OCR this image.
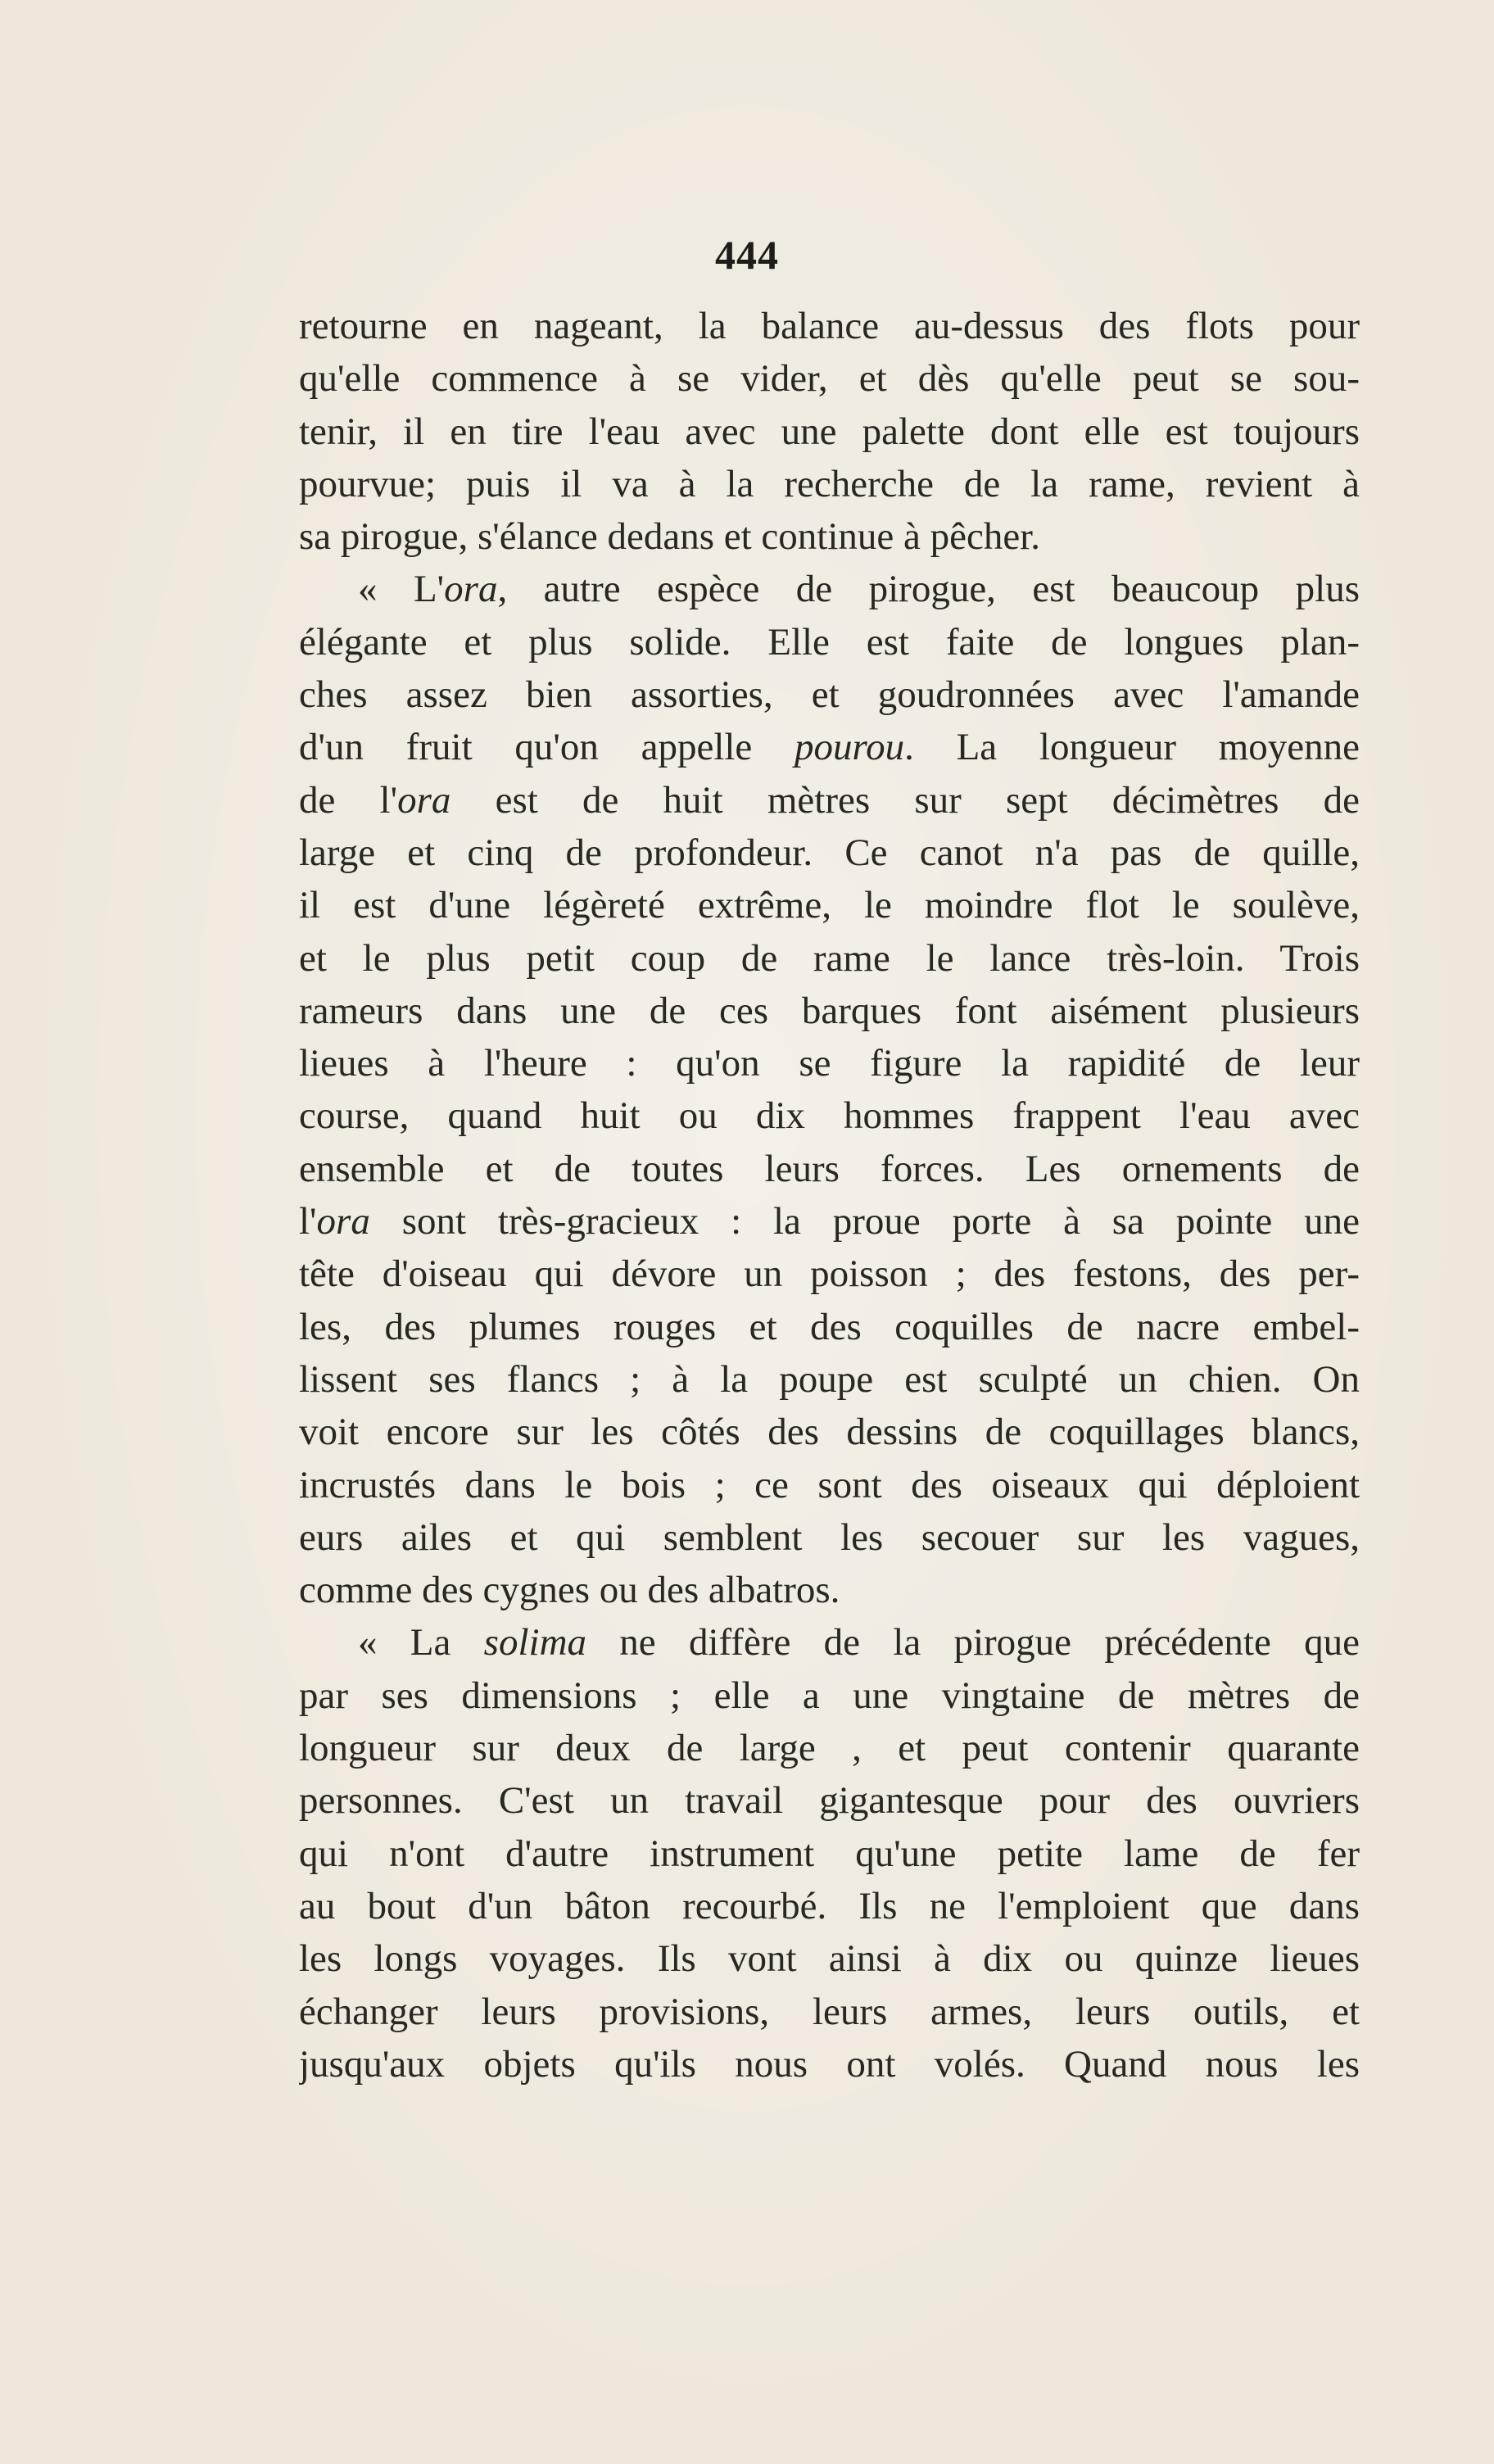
444
retourne en nageant, la balance au-dessus des flots pour
qu'elle commence à se vider, et dès qu'elle peut se sou-
tenir, il en tire l'eau avec une palette dont elle est toujours
pourvue; puis il va à la recherche de la rame, revient à
sa pirogue, s'élance dedans et continue à pêcher.
« L'ora, autre espèce de pirogue, est beaucoup plus
élégante et plus solide. Elle est faite de longues plan-
ches assez bien assorties, et goudronnées avec l'amande
d'un fruit qu'on appelle pourou. La longueur moyenne
de l'ora est de huit mètres sur sept décimètres de
large et cinq de profondeur. Ce canot n'a pas de quille,
il est d'une légèreté extrême, le moindre flot le soulève,
et le plus petit coup de rame le lance très-loin. Trois
rameurs dans une de ces barques font aisément plusieurs
lieues à l'heure : qu'on se figure la rapidité de leur
course, quand huit ou dix hommes frappent l'eau avec
ensemble et de toutes leurs forces. Les ornements de
l'ora sont très-gracieux : la proue porte à sa pointe une
tête d'oiseau qui dévore un poisson ; des festons, des per-
les, des plumes rouges et des coquilles de nacre embel-
lissent ses flancs ; à la poupe est sculpté un chien. On
voit encore sur les côtés des dessins de coquillages blancs,
incrustés dans le bois ; ce sont des oiseaux qui déploient
eurs ailes et qui semblent les secouer sur les vagues,
comme des cygnes ou des albatros.
« La solima ne diffère de la pirogue précédente que
par ses dimensions ; elle a une vingtaine de mètres de
longueur sur deux de large , et peut contenir quarante
personnes. C'est un travail gigantesque pour des ouvriers
qui n'ont d'autre instrument qu'une petite lame de fer
au bout d'un bâton recourbé. Ils ne l'emploient que dans
les longs voyages. Ils vont ainsi à dix ou quinze lieues
échanger leurs provisions, leurs armes, leurs outils, et
jusqu'aux objets qu'ils nous ont volés. Quand nous les
